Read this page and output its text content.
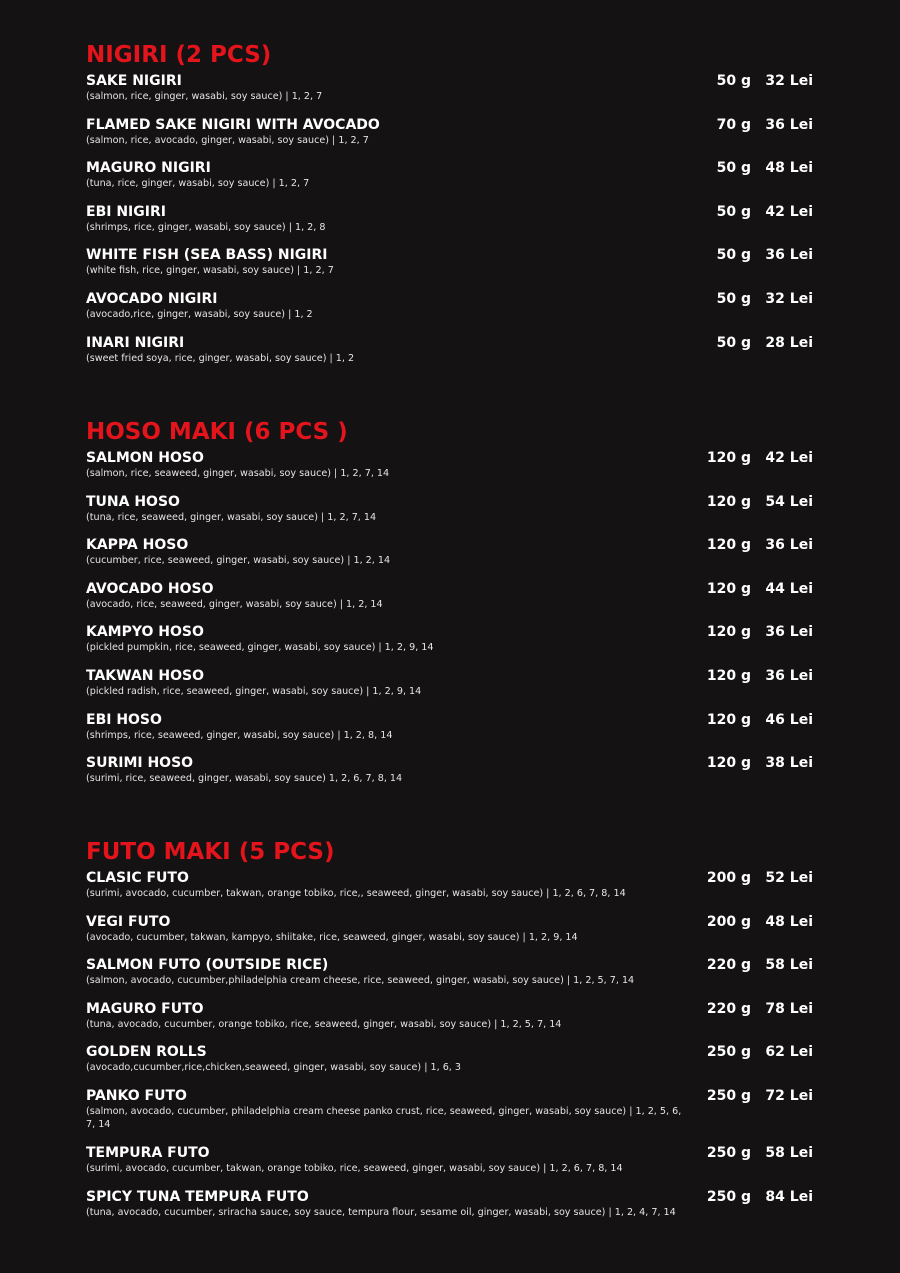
NIGIRI (2 PCS)
SAKE NIGIRI
(salmon, rice, ginger, wasabi, soy sauce) | 1, 2, 7
50 g 32 Lei
FLAMED SAKE NIGIRI WITH AVOCADO
(salmon, rice, avocado, ginger, wasabi, soy sauce) | 1, 2, 7
70 g 36 Lei
MAGURO NIGIRI
(tuna, rice, ginger, wasabi, soy sauce) | 1, 2, 7
50 g 48 Lei
EBI NIGIRI
(shrimps, rice, ginger, wasabi, soy sauce) | 1, 2, 8
50 g 42 Lei
WHITE FISH (SEA BASS) NIGIRI
(white fish, rice, ginger, wasabi, soy sauce) | 1, 2, 7
50 g 36 Lei
AVOCADO NIGIRI
(avocado,rice, ginger, wasabi, soy sauce) | 1, 2
50 g 32 Lei
INARI NIGIRI
(sweet fried soya, rice, ginger, wasabi, soy sauce) | 1, 2
50 g 28 Lei
HOSO MAKI (6 PCS )
SALMON HOSO
(salmon, rice, seaweed, ginger, wasabi, soy sauce) | 1, 2, 7, 14
120 g 42 Lei
TUNA HOSO
(tuna, rice, seaweed, ginger, wasabi, soy sauce) | 1, 2, 7, 14
120 g 54 Lei
KAPPA HOSO
(cucumber, rice, seaweed, ginger, wasabi, soy sauce) | 1, 2, 14
120 g 36 Lei
AVOCADO HOSO
(avocado, rice, seaweed, ginger, wasabi, soy sauce) | 1, 2, 14
120 g 44 Lei
KAMPYO HOSO
(pickled pumpkin, rice, seaweed, ginger, wasabi, soy sauce) | 1, 2, 9, 14
120 g 36 Lei
TAKWAN HOSO
(pickled radish, rice, seaweed, ginger, wasabi, soy sauce) | 1, 2, 9, 14
120 g 36 Lei
EBI HOSO
(shrimps, rice, seaweed, ginger, wasabi, soy sauce) | 1, 2, 8, 14
120 g 46 Lei
SURIMI HOSO
(surimi, rice, seaweed, ginger, wasabi, soy sauce) 1, 2, 6, 7, 8, 14
120 g 38 Lei
FUTO MAKI (5 PCS)
CLASIC FUTO
(surimi, avocado, cucumber, takwan, orange tobiko, rice,, seaweed, ginger, wasabi, soy sauce) | 1, 2, 6, 7, 8, 14
200 g 52 Lei
VEGI FUTO
(avocado, cucumber, takwan, kampyo, shiitake, rice, seaweed, ginger, wasabi, soy sauce) | 1, 2, 9, 14
200 g 48 Lei
SALMON FUTO (OUTSIDE RICE)
(salmon, avocado, cucumber,philadelphia cream cheese, rice, seaweed, ginger, wasabi, soy sauce) | 1, 2, 5, 7, 14
220 g 58 Lei
MAGURO FUTO
(tuna, avocado, cucumber, orange tobiko, rice, seaweed, ginger, wasabi, soy sauce) | 1, 2, 5, 7, 14
220 g 78 Lei
GOLDEN ROLLS
(avocado,cucumber,rice,chicken,seaweed, ginger, wasabi, soy sauce) | 1, 6, 3
250 g 62 Lei
PANKO FUTO
(salmon, avocado, cucumber, philadelphia cream cheese panko crust, rice, seaweed, ginger, wasabi, soy sauce) | 1, 2, 5, 6, 7, 14
250 g 72 Lei
TEMPURA FUTO
(surimi, avocado, cucumber, takwan, orange tobiko, rice, seaweed, ginger, wasabi, soy sauce) | 1, 2, 6, 7, 8, 14
250 g 58 Lei
SPICY TUNA TEMPURA FUTO
(tuna, avocado, cucumber, sriracha sauce, soy sauce, tempura flour, sesame oil, ginger, wasabi, soy sauce) | 1, 2, 4, 7, 14
250 g 84 Lei
